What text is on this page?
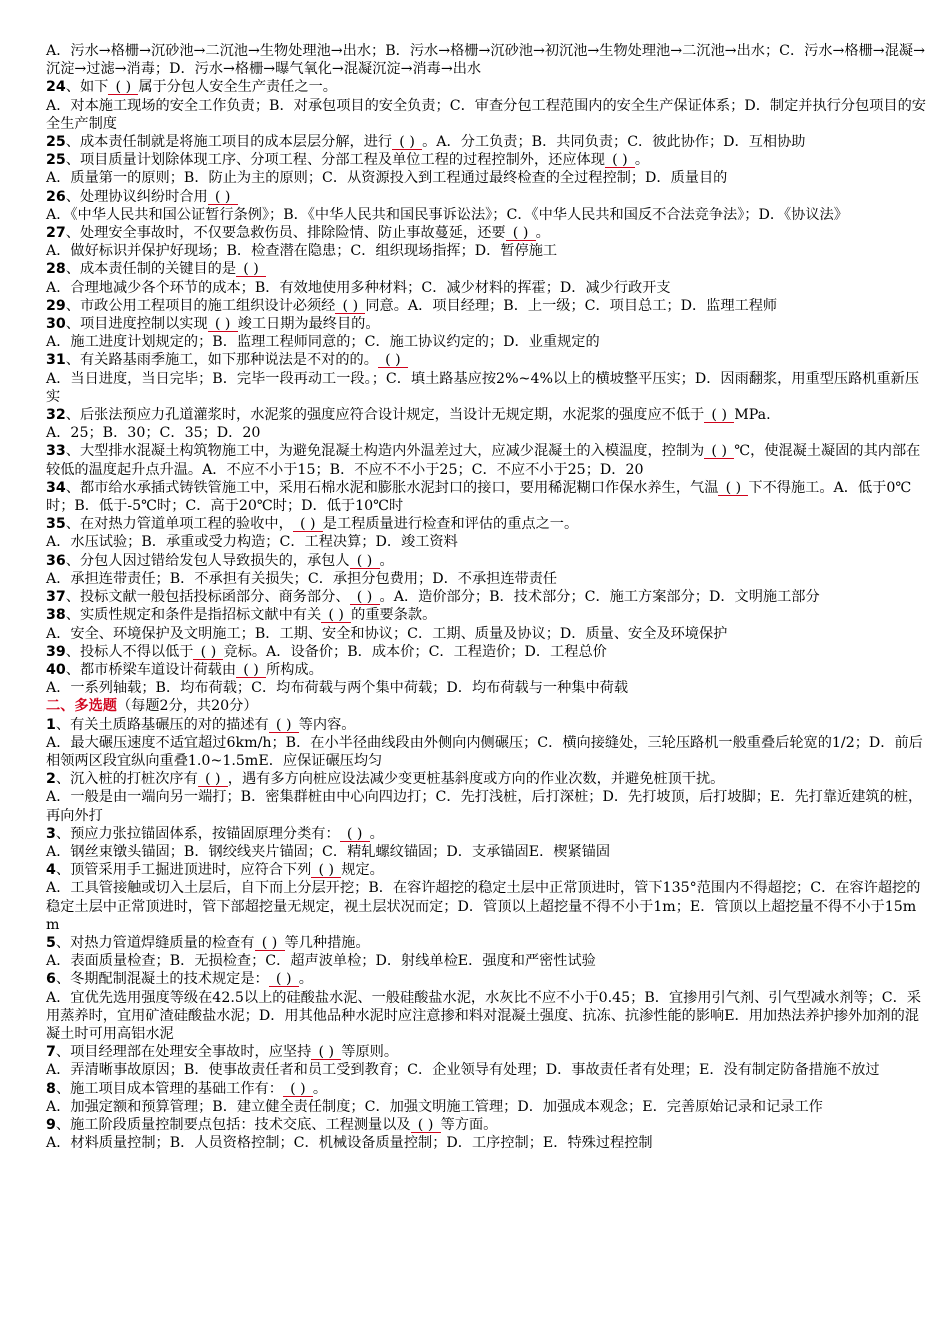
A．污水→格栅→沉砂池→二沉池→生物处理池→出水；B．污水→格栅→沉砂池→初沉池→生物处理池→二沉池→出水；C．污水→格栅→混凝→沉淀→过滤→消毒；D．污水→格栅→曝气氧化→混凝沉淀→消毒→出水

24、如下 ( ) 属于分包人安全生产责任之一。

A．对本施工现场的安全工作负责；B．对承包项目的安全负责；C．审查分包工程范围内的安全生产保证体系；D．制定并执行分包项目的安全生产制度

25、成本责任制就是将施工项目的成本层层分解，进行 ( ) 。A．分工负责；B．共同负责；C．彼此协作；D．互相协助

25、项目质量计划除体现工序、分项工程、分部工程及单位工程的过程控制外，还应体现 ( ) 。

A．质量第一的原则；B．防止为主的原则；C．从资源投入到工程通过最终检查的全过程控制；D．质量目的

26、处理协议纠纷时合用 ( )

A．《中华人民共和国公证暂行条例》；B．《中华人民共和国民事诉讼法》；C．《中华人民共和国反不合法竞争法》；D．《协议法》

27、处理安全事故时，不仅要急救伤员、排除险情、防止事故蔓延，还要 ( ) 。

A．做好标识并保护好现场；B．检查潜在隐患；C．组织现场指挥；D．暂停施工

28、成本责任制的关键目的是 ( )

A．合理地减少各个环节的成本；B．有效地使用多种材料；C．减少材料的挥霍；D．减少行政开支

29、市政公用工程项目的施工组织设计必须经 ( ) 同意。A．项目经理；B．上一级；C．项目总工；D．监理工程师

30、项目进度控制以实现 ( ) 竣工日期为最终目的。

A．施工进度计划规定的；B．监理工程师同意的；C．施工协议约定的；D．业重规定的

31、有关路基雨季施工，如下那种说法是不对的的。 ( )

A．当日进度，当日完毕；B．完毕一段再动工一段。；C．填土路基应按2%~4%以上的横坡整平压实；D．因雨翻浆，用重型压路机重新压实

32、后张法预应力孔道灌浆时，水泥浆的强度应符合设计规定，当设计无规定期，水泥浆的强度应不低于 ( ) MPa.

A．25；B．30；C．35；D．20

33、大型排水混凝土构筑物施工中，为避免混凝土构造内外温差过大，应减少混凝土的入模温度，控制为 ( ) ℃，使混凝土凝固的其内部在较低的温度起升点升温。A．不应不小于15；B．不应不不小于25；C．不应不小于25；D．20

34、都市给水承插式铸铁管施工中，采用石棉水泥和膨胀水泥封口的接口，要用稀泥糊口作保水养生，气温 ( ) 下不得施工。A．低于0℃时；B．低于-5℃时；C．高于20℃时；D．低于10℃时

35、在对热力管道单项工程的验收中， ( ) 是工程质量进行检查和评估的重点之一。

A．水压试验；B．承重或受力构造；C．工程决算；D．竣工资料

36、分包人因过错给发包人导致损失的，承包人 ( ) 。

A．承担连带责任；B．不承担有关损失；C．承担分包费用；D．不承担连带责任

37、投标文献一般包括投标函部分、商务部分、 ( ) 。A．造价部分；B．技术部分；C．施工方案部分；D．文明施工部分

38、实质性规定和条件是指招标文献中有关 ( ) 的重要条款。

A．安全、环境保护及文明施工；B．工期、安全和协议；C．工期、质量及协议；D．质量、安全及环境保护

39、投标人不得以低于 ( ) 竞标。A．设备价；B．成本价；C．工程造价；D．工程总价

40、都市桥梁车道设计荷载由 ( ) 所构成。

A．一系列轴载；B．均布荷载；C．均布荷载与两个集中荷载；D．均布荷载与一种集中荷载

二、多选题（每题2分，共20分）

1、有关土质路基碾压的对的描述有 ( ) 等内容。

A．最大碾压速度不适宜超过6km/h；B．在小半径曲线段由外侧向内侧碾压；C．横向接缝处，三轮压路机一般重叠后轮宽的1/2；D．前后相领两区段宜纵向重叠1.0~1.5mE．应保证碾压均匀

2、沉入桩的打桩次序有 ( ) ，遇有多方向桩应设法减少变更桩基斜度或方向的作业次数，并避免桩顶干扰。

A．一般是由一端向另一端打；B．密集群桩由中心向四边打；C．先打浅桩，后打深桩；D．先打坡顶，后打坡脚；E．先打靠近建筑的桩，再向外打

3、预应力张拉锚固体系，按锚固原理分类有： ( ) 。

A．钢丝束镦头锚固；B．钢绞线夹片锚固；C．精轧螺纹锚固；D．支承锚固E．楔紧锚固

4、顶管采用手工掘进顶进时，应符合下列 ( ) 规定。

A．工具管接触或切入土层后，自下而上分层开挖；B．在容许超挖的稳定土层中正常顶进时，管下135°范围内不得超挖；C．在容许超挖的稳定土层中正常顶进时，管下部超挖量无规定，视土层状况而定；D．管顶以上超挖量不得不小于1m；E．管顶以上超挖量不得不小于15mm

5、对热力管道焊缝质量的检查有 ( ) 等几种措施。

A．表面质量检查；B．无损检查；C．超声波单检；D．射线单检E．强度和严密性试验

6、冬期配制混凝土的技术规定是： ( ) 。

A．宜优先选用强度等级在42.5以上的硅酸盐水泥、一般硅酸盐水泥，水灰比不应不小于0.45；B．宜掺用引气剂、引气型减水剂等；C．采用蒸养时，宜用矿渣硅酸盐水泥；D．用其他品种水泥时应注意掺和料对混凝土强度、抗冻、抗渗性能的影响E．用加热法养护掺外加剂的混凝土时可用高铝水泥

7、项目经理部在处理安全事故时，应坚持 ( ) 等原则。

A．弄清晰事故原因；B．使事故责任者和员工受到教育；C．企业领导有处理；D．事故责任者有处理；E．没有制定防备措施不放过

8、施工项目成本管理的基础工作有： ( ) 。

A．加强定额和预算管理；B．建立健全责任制度；C．加强文明施工管理；D．加强成本观念；E．完善原始记录和记录工作

9、施工阶段质量控制要点包括：技术交底、工程测量以及 ( ) 等方面。

A．材料质量控制；B．人员资格控制；C．机械设备质量控制；D．工序控制；E．特殊过程控制
